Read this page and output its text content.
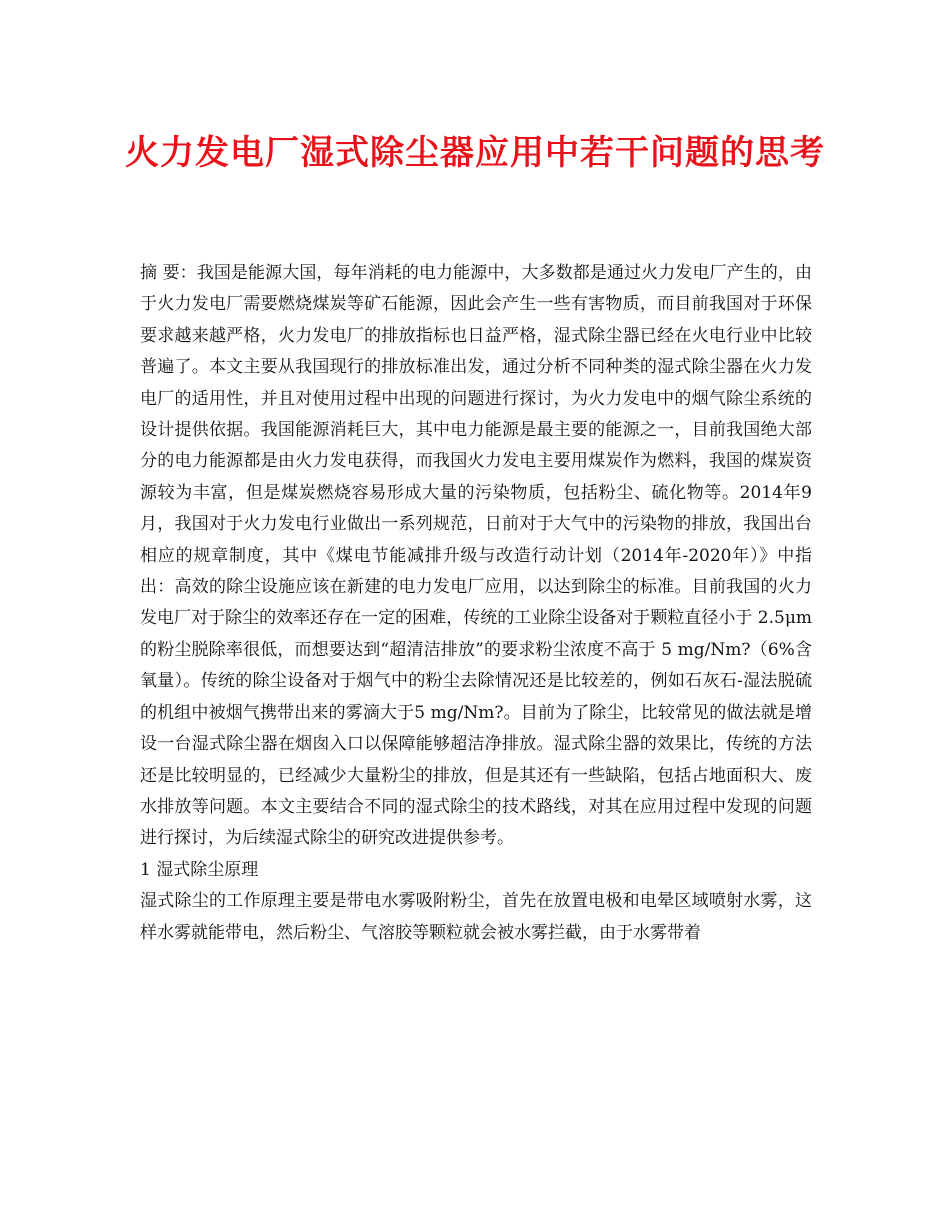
火力发电厂湿式除尘器应用中若干问题的思考

摘 要：我国是能源大国，每年消耗的电力能源中，大多数都是通过火力发电厂产生的，由于火力发电厂需要燃烧煤炭等矿石能源，因此会产生一些有害物质，而目前我国对于环保要求越来越严格，火力发电厂的排放指标也日益严格，湿式除尘器已经在火电行业中比较普遍了。本文主要从我国现行的排放标准出发，通过分析不同种类的湿式除尘器在火力发电厂的适用性，并且对使用过程中出现的问题进行探讨，为火力发电中的烟气除尘系统的设计提供依据。我国能源消耗巨大，其中电力能源是最主要的能源之一，目前我国绝大部分的电力能源都是由火力发电获得，而我国火力发电主要用煤炭作为燃料，我国的煤炭资源较为丰富，但是煤炭燃烧容易形成大量的污染物质，包括粉尘、硫化物等。2014年9月，我国对于火力发电行业做出一系列规范，日前对于大气中的污染物的排放，我国出台相应的规章制度，其中《煤电节能减排升级与改造行动计划（2014年-2020年）》中指出：高效的除尘设施应该在新建的电力发电厂应用，以达到除尘的标准。目前我国的火力发电厂对于除尘的效率还存在一定的困难，传统的工业除尘设备对于颗粒直径小于 2.5μm的粉尘脱除率很低，而想要达到“超清洁排放”的要求粉尘浓度不高于 5 mg/Nm?（6%含氧量）。传统的除尘设备对于烟气中的粉尘去除情况还是比较差的，例如石灰石-湿法脱硫的机组中被烟气携带出来的雾滴大于5 mg/Nm?。目前为了除尘，比较常见的做法就是增设一台湿式除尘器在烟囱入口以保障能够超洁净排放。湿式除尘器的效果比，传统的方法还是比较明显的，已经减少大量粉尘的排放，但是其还有一些缺陷，包括占地面积大、废水排放等问题。本文主要结合不同的湿式除尘的技术路线，对其在应用过程中发现的问题进行探讨，为后续湿式除尘的研究改进提供参考。

1 湿式除尘原理

湿式除尘的工作原理主要是带电水雾吸附粉尘，首先在放置电极和电晕区域喷射水雾，这样水雾就能带电，然后粉尘、气溶胶等颗粒就会被水雾拦截，由于水雾带着
